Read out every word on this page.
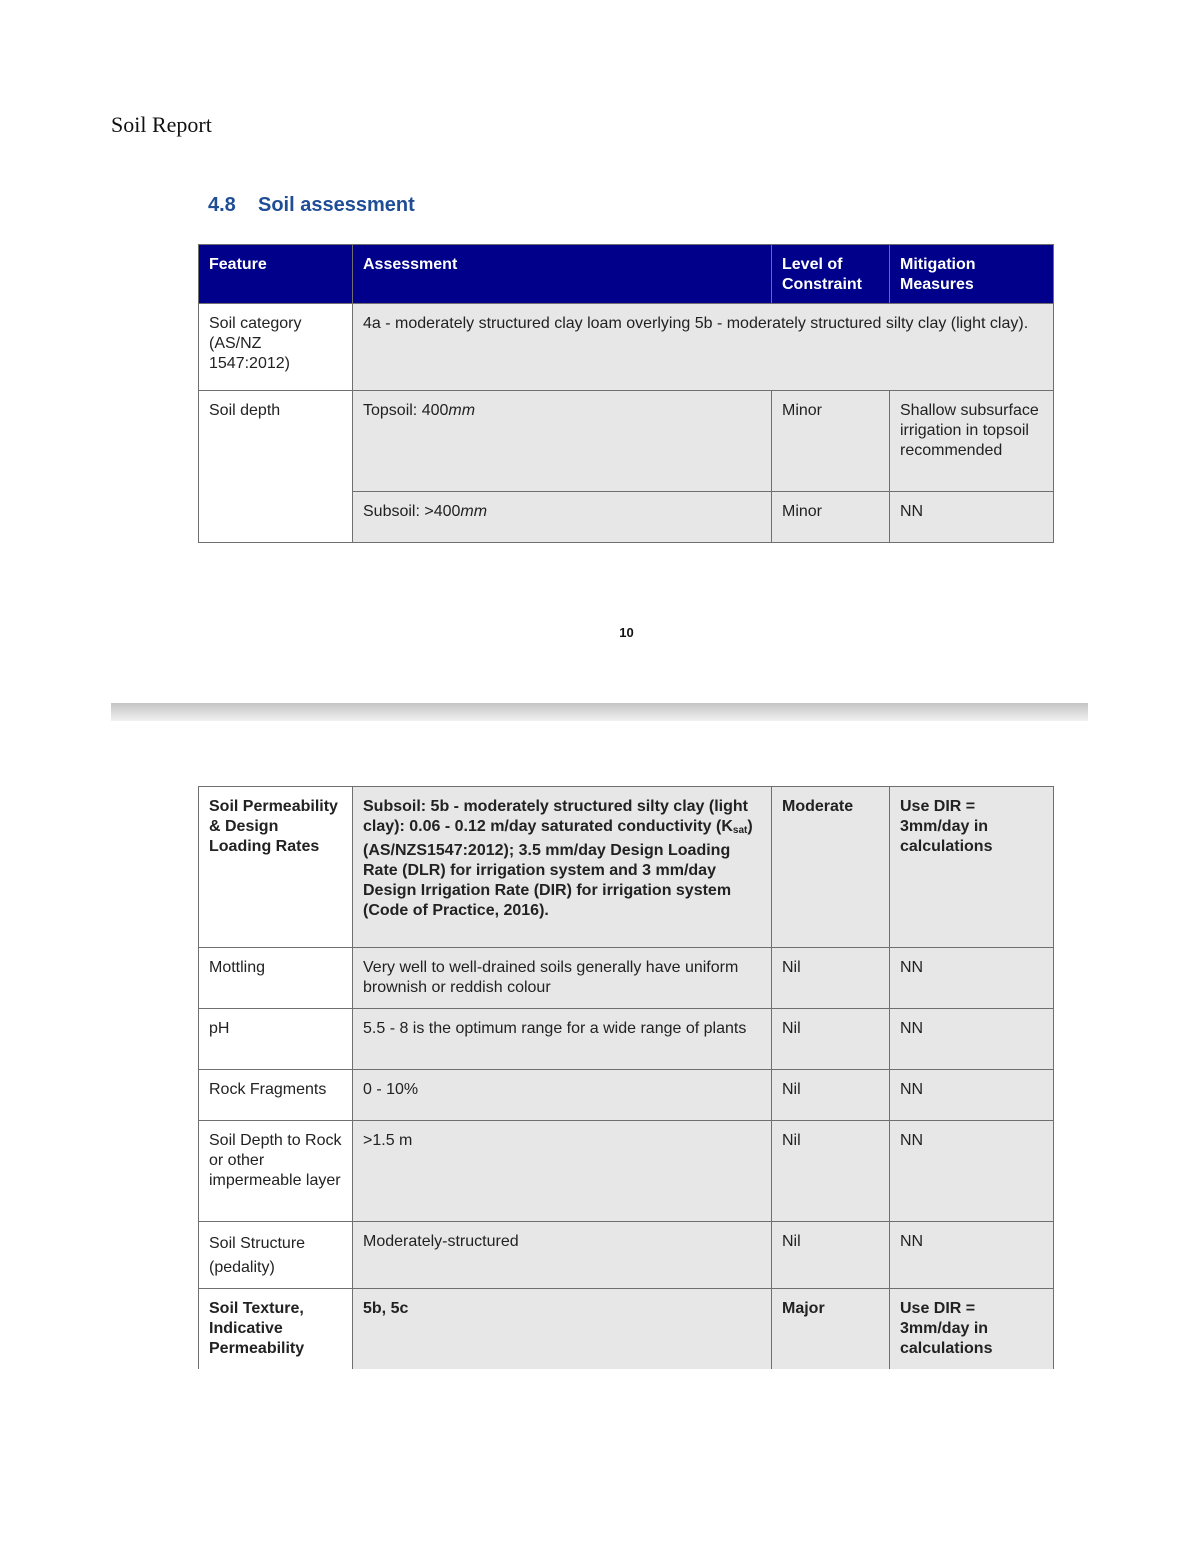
Soil Report
4.8 Soil assessment
Feature	Assessment	Level of Constraint	Mitigation Measures
Soil category (AS/NZ 1547:2012)	4a - moderately structured clay loam overlying 5b - moderately structured silty clay (light clay).		
Soil depth	Topsoil: 400mm	Minor	Shallow subsurface irrigation in topsoil recommended
	Subsoil: >400mm	Minor	NN
10
Soil Permeability & Design Loading Rates	Subsoil: 5b - moderately structured silty clay (light clay): 0.06 - 0.12 m/day saturated conductivity $(K_{sat})$ (AS/NZS1547:2012); 3.5 mm/day Design Loading Rate (DLR) for irrigation system and 3 mm/day Design Irrigation Rate (DIR) for irrigation system (Code of Practice, 2016).	Moderate	Use DIR = 3mm/day in calculations
Mottling	Very well to well-drained soils generally have uniform brownish or reddish colour	Nil	NN
pH	5.5 - 8 is the optimum range for a wide range of plants	Nil	NN
Rock Fragments	0 - 10%	Nil	NN
Soil Depth to Rock or other impermeable layer	>1.5 m	Nil	NN
Soil Structure (pedality)	Moderately-structured	Nil	NN
Soil Texture, Indicative Permeability	5b, 5c	Major	Use DIR = 3mm/day in calculations
